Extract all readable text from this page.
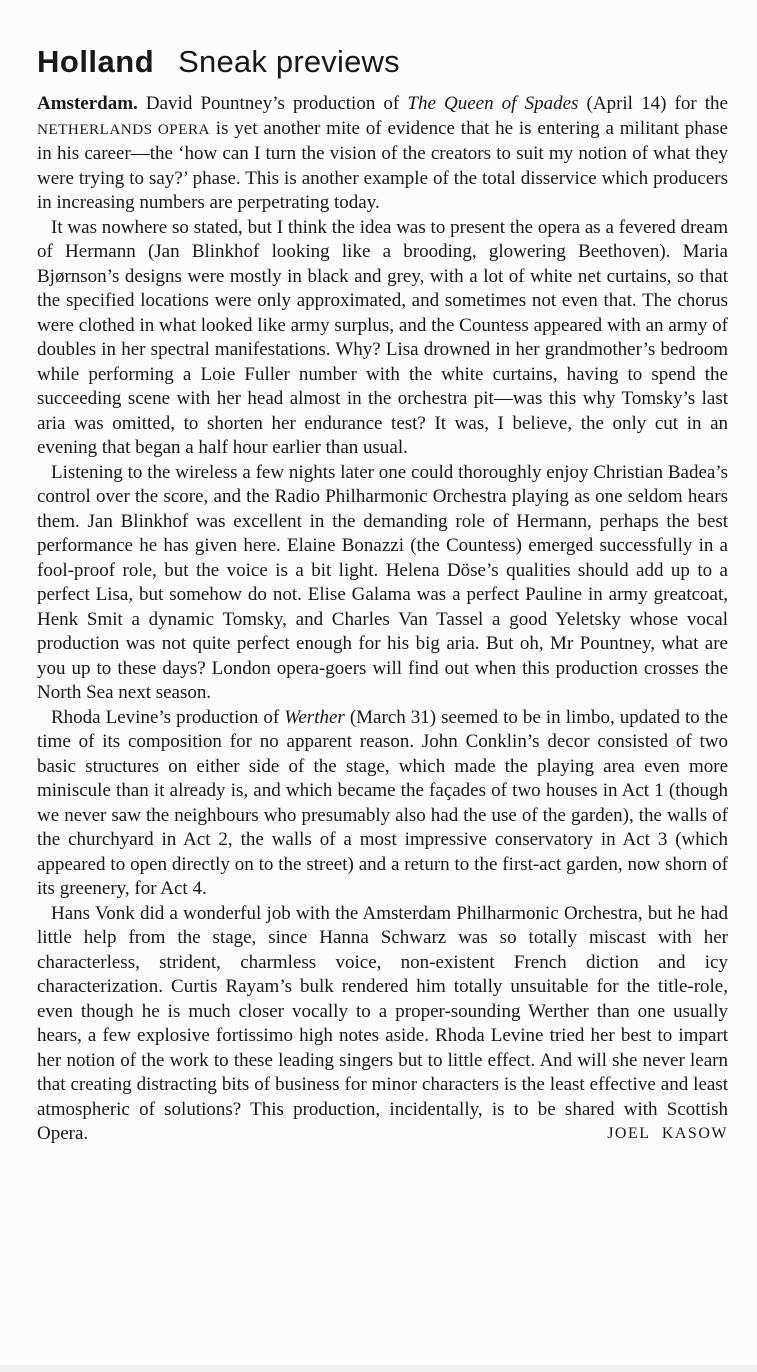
Holland Sneak previews

Amsterdam. David Pountney’s production of The Queen of Spades (April 14) for the NETHERLANDS OPERA is yet another mite of evidence that he is entering a militant phase in his career—the ‘how can I turn the vision of the creators to suit my notion of what they were trying to say?’ phase. This is another example of the total disservice which producers in increasing numbers are perpetrating today.

It was nowhere so stated, but I think the idea was to present the opera as a fevered dream of Hermann (Jan Blinkhof looking like a brooding, glowering Beethoven). Maria Bjørnson’s designs were mostly in black and grey, with a lot of white net curtains, so that the specified locations were only approximated, and sometimes not even that. The chorus were clothed in what looked like army surplus, and the Countess appeared with an army of doubles in her spectral manifestations. Why? Lisa drowned in her grandmother’s bedroom while performing a Loie Fuller number with the white curtains, having to spend the succeeding scene with her head almost in the orchestra pit—was this why Tomsky’s last aria was omitted, to shorten her endurance test? It was, I believe, the only cut in an evening that began a half hour earlier than usual.

Listening to the wireless a few nights later one could thoroughly enjoy Christian Badea’s control over the score, and the Radio Philharmonic Orchestra playing as one seldom hears them. Jan Blinkhof was excellent in the demanding role of Hermann, perhaps the best performance he has given here. Elaine Bonazzi (the Countess) emerged successfully in a fool-proof role, but the voice is a bit light. Helena Döse’s qualities should add up to a perfect Lisa, but somehow do not. Elise Galama was a perfect Pauline in army greatcoat, Henk Smit a dynamic Tomsky, and Charles Van Tassel a good Yeletsky whose vocal production was not quite perfect enough for his big aria. But oh, Mr Pountney, what are you up to these days? London opera-goers will find out when this production crosses the North Sea next season.

Rhoda Levine’s production of Werther (March 31) seemed to be in limbo, updated to the time of its composition for no apparent reason. John Conklin’s decor consisted of two basic structures on either side of the stage, which made the playing area even more miniscule than it already is, and which became the façades of two houses in Act 1 (though we never saw the neighbours who presumably also had the use of the garden), the walls of the churchyard in Act 2, the walls of a most impressive conservatory in Act 3 (which appeared to open directly on to the street) and a return to the first-act garden, now shorn of its greenery, for Act 4.

Hans Vonk did a wonderful job with the Amsterdam Philharmonic Orchestra, but he had little help from the stage, since Hanna Schwarz was so totally miscast with her characterless, strident, charmless voice, non-existent French diction and icy characterization. Curtis Rayam’s bulk rendered him totally unsuitable for the title-role, even though he is much closer vocally to a proper-sounding Werther than one usually hears, a few explosive fortissimo high notes aside. Rhoda Levine tried her best to impart her notion of the work to these leading singers but to little effect. And will she never learn that creating distracting bits of business for minor characters is the least effective and least atmospheric of solutions? This production, incidentally, is to be shared with Scottish Opera.	JOEL KASOW
